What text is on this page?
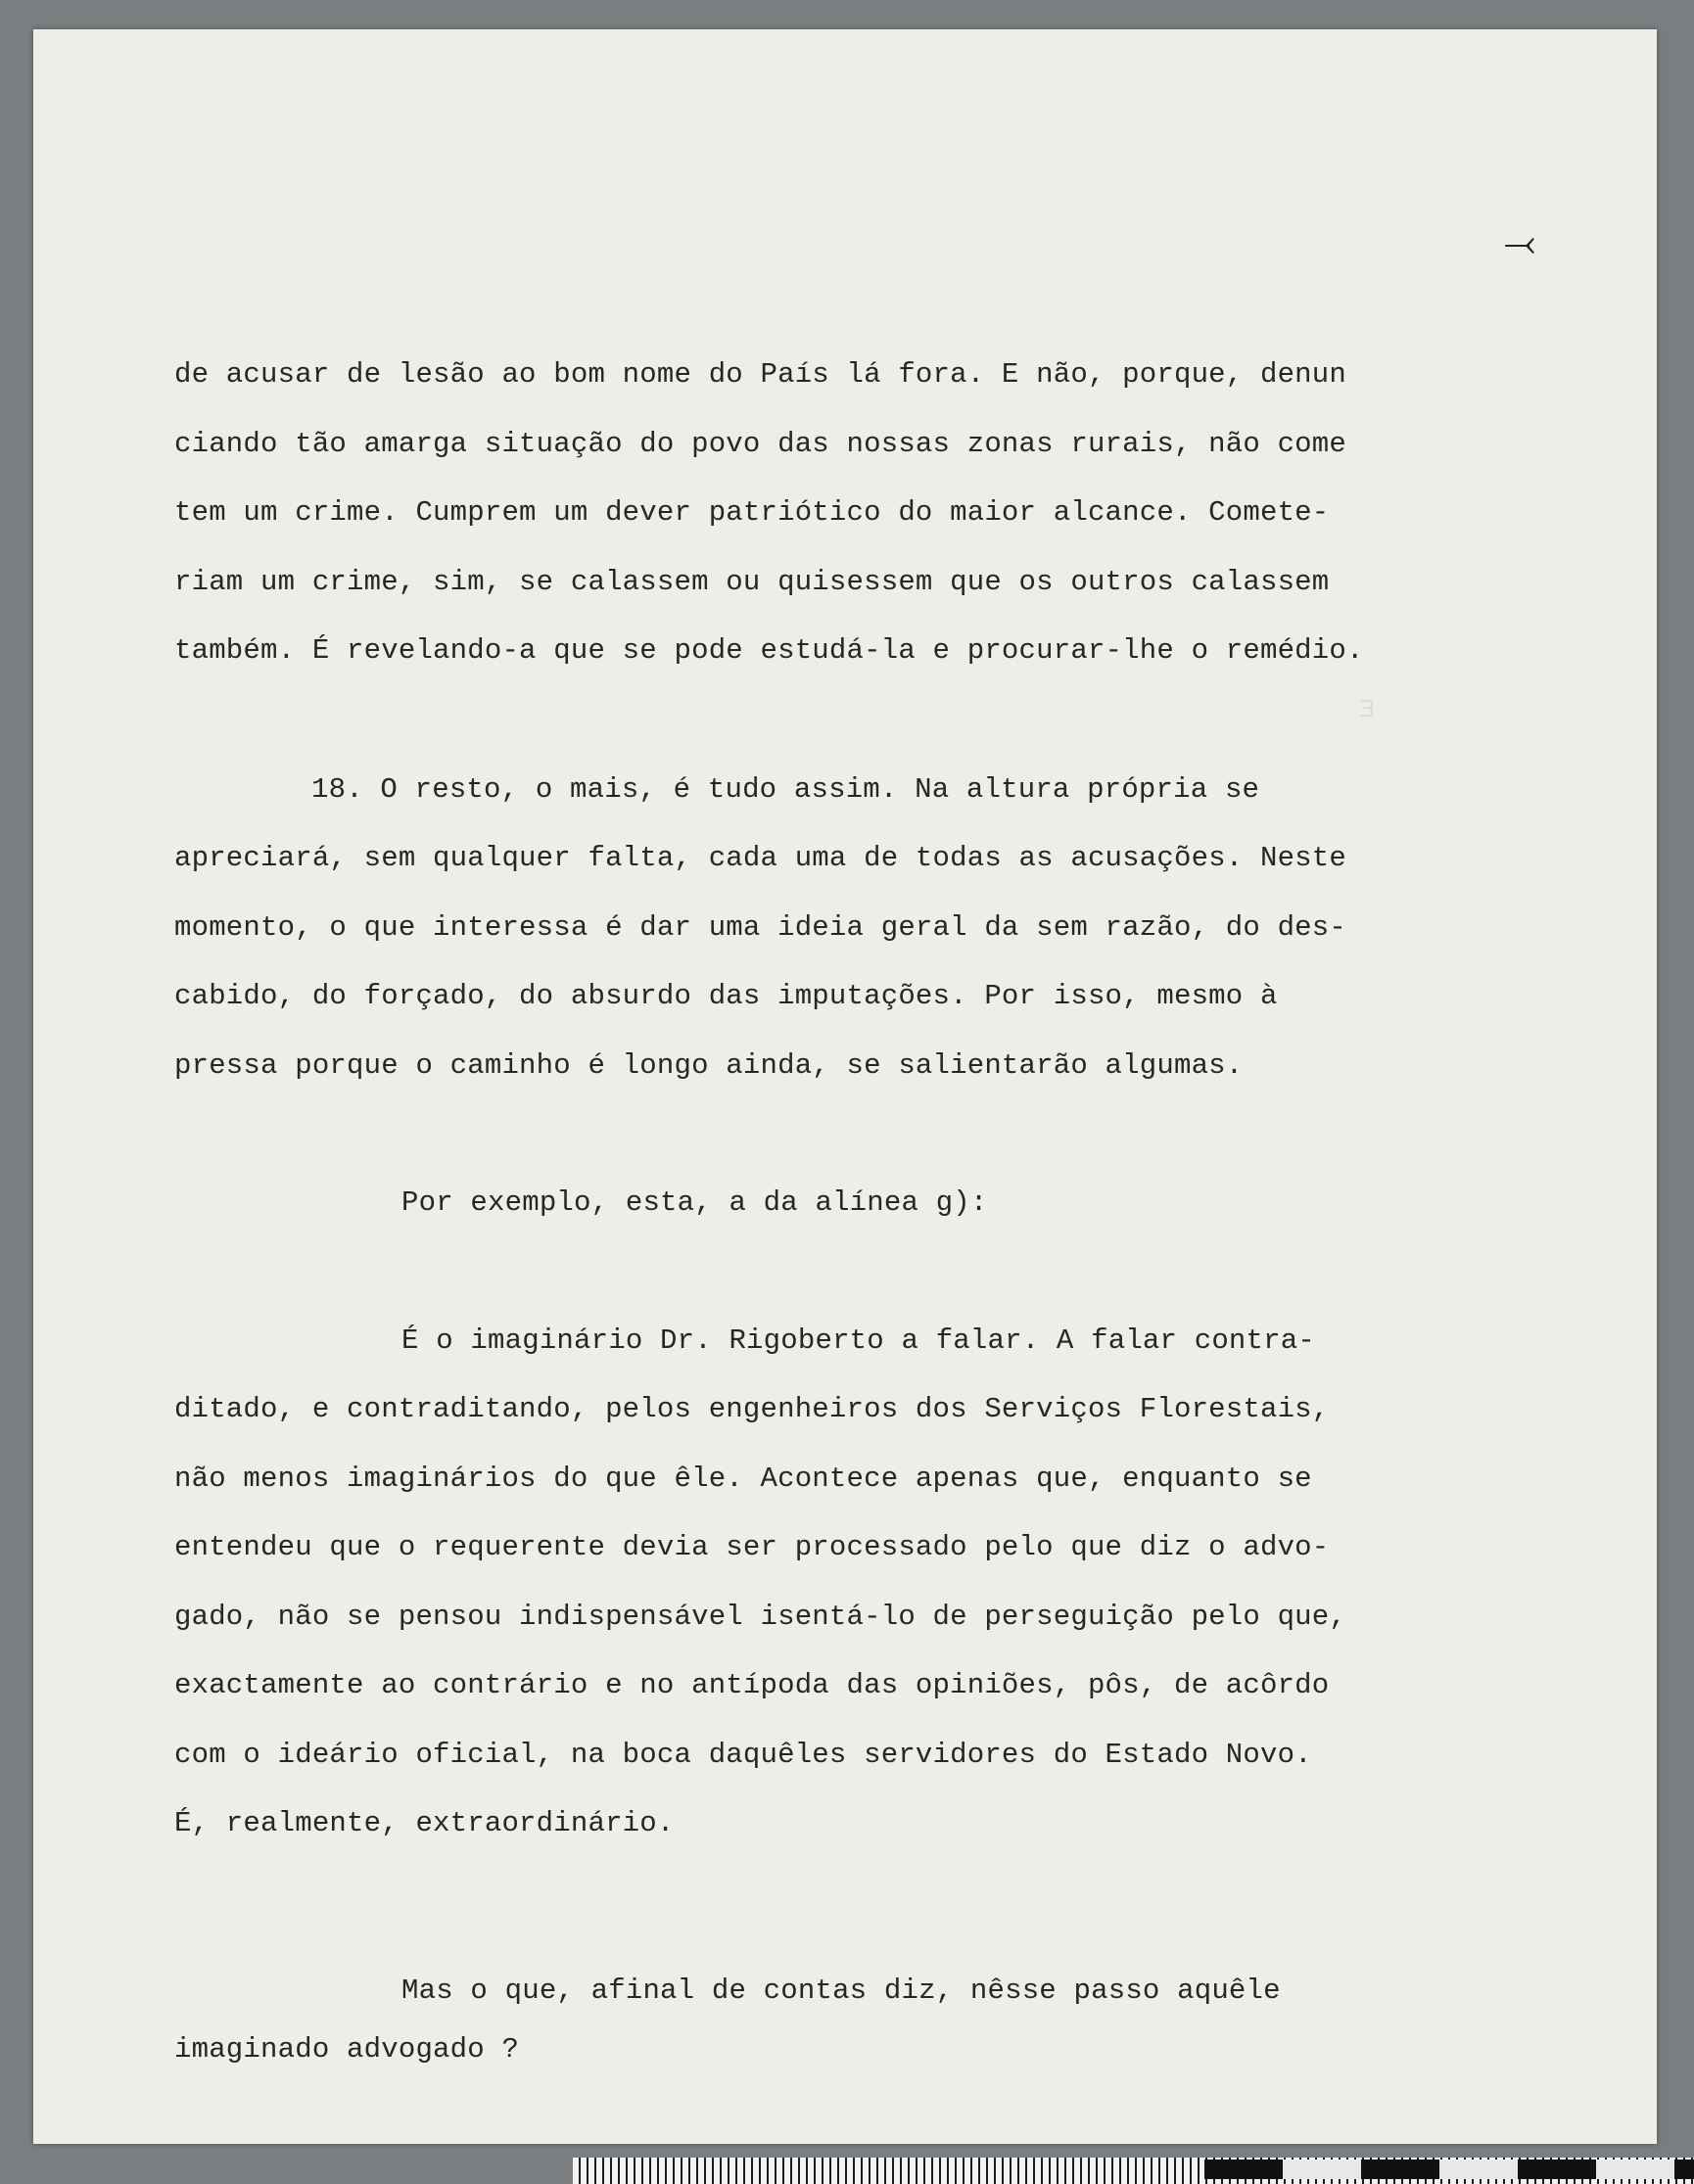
E
⤙

de acusar de lesão ao bom nome do País lá fora. E não, porque, denun
ciando tão amarga situação do povo das nossas zonas rurais, não come
tem um crime. Cumprem um dever patriótico do maior alcance. Comete-
riam um crime, sim, se calassem ou quisessem que os outros calassem
também. É revelando-a que se pode estudá-la e procurar-lhe o remédio.

18. O resto, o mais, é tudo assim. Na altura própria se
apreciará, sem qualquer falta, cada uma de todas as acusações. Neste
momento, o que interessa é dar uma ideia geral da sem razão, do des-
cabido, do forçado, do absurdo das imputações. Por isso, mesmo à
pressa porque o caminho é longo ainda, se salientarão algumas.

Por exemplo, esta, a da alínea g):

É o imaginário Dr. Rigoberto a falar. A falar contra-
ditado, e contraditando, pelos engenheiros dos Serviços Florestais,
não menos imaginários do que êle. Acontece apenas que, enquanto se
entendeu que o requerente devia ser processado pelo que diz o advo-
gado, não se pensou indispensável isentá-lo de perseguição pelo que,
exactamente ao contrário e no antípoda das opiniões, pôs, de acôrdo
com o ideário oficial, na boca daquêles servidores do Estado Novo.
É, realmente, extraordinário.

Mas o que, afinal de contas diz, nêsse passo aquêle
imaginado advogado ?
